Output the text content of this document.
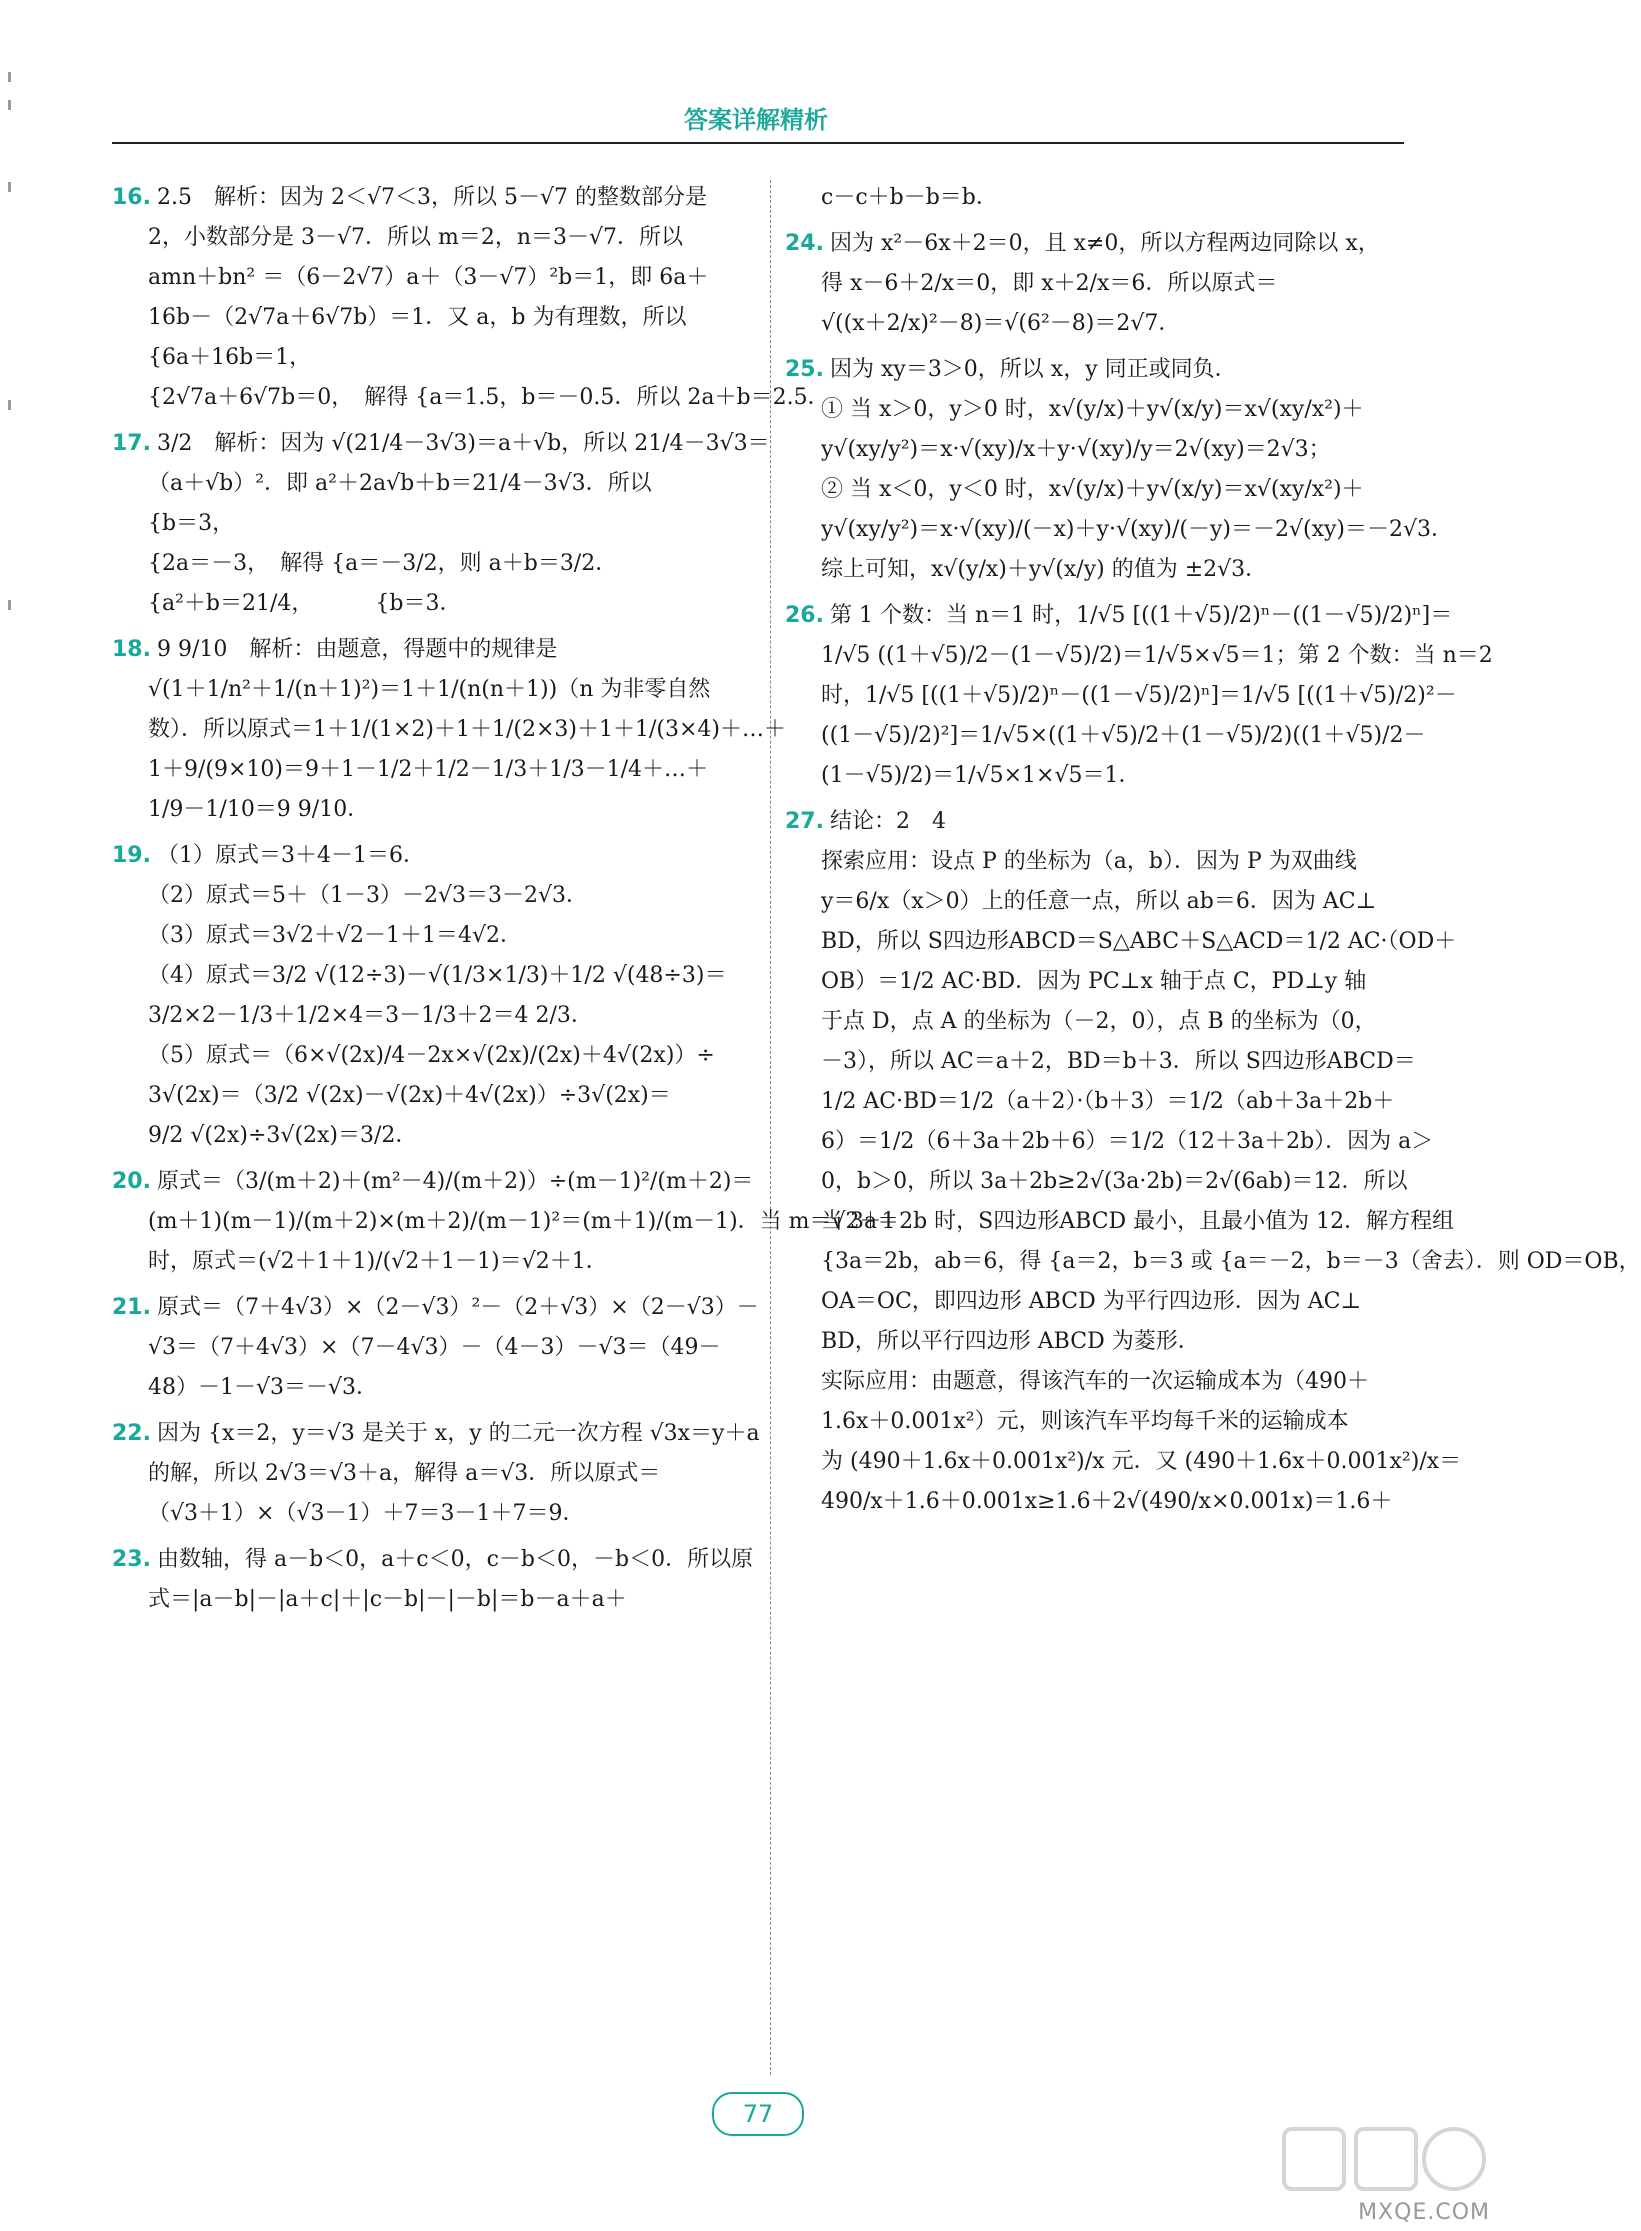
答案详解精析
16. 2.5　解析：因为 2＜√7＜3，所以 5－√7 的整数部分是
2，小数部分是 3－√7．所以 m＝2，n＝3－√7．所以
amn＋bn² ＝（6－2√7）a＋（3－√7）²b＝1，即 6a＋
16b－（2√7a＋6√7b）＝1．又 a，b 为有理数，所以
{6a＋16b＝1，
{2√7a＋6√7b＝0，　解得 {a＝1.5，b＝－0.5．所以 2a＋b＝2.5．
17. 3/2　解析：因为 √(21/4－3√3)＝a＋√b，所以 21/4－3√3＝
（a＋√b）²．即 a²＋2a√b＋b＝21/4－3√3．所以
{b＝3，
{2a＝－3，　解得 {a＝－3/2，则 a＋b＝3/2．
{a²＋b＝21/4，　　　 {b＝3．
18. 9 9/10　解析：由题意，得题中的规律是
√(1＋1/n²＋1/(n＋1)²)＝1＋1/(n(n＋1))（n 为非零自然
数）．所以原式＝1＋1/(1×2)＋1＋1/(2×3)＋1＋1/(3×4)＋…＋
1＋9/(9×10)＝9＋1－1/2＋1/2－1/3＋1/3－1/4＋…＋
1/9－1/10＝9 9/10．
19. （1）原式＝3＋4－1＝6．
（2）原式＝5＋（1－3）－2√3＝3－2√3．
（3）原式＝3√2＋√2－1＋1＝4√2．
（4）原式＝3/2 √(12÷3)－√(1/3×1/3)＋1/2 √(48÷3)＝
3/2×2－1/3＋1/2×4＝3－1/3＋2＝4 2/3．
（5）原式＝（6×√(2x)/4－2x×√(2x)/(2x)＋4√(2x)）÷
3√(2x)＝（3/2 √(2x)－√(2x)＋4√(2x)）÷3√(2x)＝
9/2 √(2x)÷3√(2x)＝3/2．
20. 原式＝（3/(m＋2)＋(m²－4)/(m＋2)）÷(m－1)²/(m＋2)＝
(m＋1)(m－1)/(m＋2)×(m＋2)/(m－1)²＝(m＋1)/(m－1)．当 m＝√2＋1
时，原式＝(√2＋1＋1)/(√2＋1－1)＝√2＋1．
21. 原式＝（7＋4√3）×（2－√3）²－（2＋√3）×（2－√3）－
√3＝（7＋4√3）×（7－4√3）－（4－3）－√3＝（49－
48）－1－√3＝－√3．
22. 因为 {x＝2，y＝√3 是关于 x，y 的二元一次方程 √3x＝y＋a
的解，所以 2√3＝√3＋a，解得 a＝√3．所以原式＝
（√3＋1）×（√3－1）＋7＝3－1＋7＝9．
23. 由数轴，得 a－b＜0，a＋c＜0，c－b＜0，－b＜0．所以原
式＝|a－b|－|a＋c|＋|c－b|－|－b|＝b－a＋a＋
c－c＋b－b＝b．
24. 因为 x²－6x＋2＝0，且 x≠0，所以方程两边同除以 x，
得 x－6＋2/x＝0，即 x＋2/x＝6．所以原式＝
√((x＋2/x)²－8)＝√(6²－8)＝2√7．
25. 因为 xy＝3＞0，所以 x，y 同正或同负．
① 当 x＞0，y＞0 时，x√(y/x)＋y√(x/y)＝x√(xy/x²)＋
y√(xy/y²)＝x·√(xy)/x＋y·√(xy)/y＝2√(xy)＝2√3；
② 当 x＜0，y＜0 时，x√(y/x)＋y√(x/y)＝x√(xy/x²)＋
y√(xy/y²)＝x·√(xy)/(－x)＋y·√(xy)/(－y)＝－2√(xy)＝－2√3．
综上可知，x√(y/x)＋y√(x/y) 的值为 ±2√3．
26. 第 1 个数：当 n＝1 时，1/√5 [((1＋√5)/2)ⁿ－((1－√5)/2)ⁿ]＝
1/√5 ((1＋√5)/2－(1－√5)/2)＝1/√5×√5＝1；第 2 个数：当 n＝2
时，1/√5 [((1＋√5)/2)ⁿ－((1－√5)/2)ⁿ]＝1/√5 [((1＋√5)/2)²－
((1－√5)/2)²]＝1/√5×((1＋√5)/2＋(1－√5)/2)((1＋√5)/2－
(1－√5)/2)＝1/√5×1×√5＝1．
27. 结论：2　4
探索应用：设点 P 的坐标为（a，b）．因为 P 为双曲线
y＝6/x（x＞0）上的任意一点，所以 ab＝6．因为 AC⊥
BD，所以 S四边形ABCD＝S△ABC＋S△ACD＝1/2 AC·（OD＋
OB）＝1/2 AC·BD．因为 PC⊥x 轴于点 C，PD⊥y 轴
于点 D，点 A 的坐标为（－2，0），点 B 的坐标为（0，
－3），所以 AC＝a＋2，BD＝b＋3．所以 S四边形ABCD＝
1/2 AC·BD＝1/2（a＋2）·（b＋3）＝1/2（ab＋3a＋2b＋
6）＝1/2（6＋3a＋2b＋6）＝1/2（12＋3a＋2b）．因为 a＞
0，b＞0，所以 3a＋2b≥2√(3a·2b)＝2√(6ab)＝12．所以
当 3a＝2b 时，S四边形ABCD 最小，且最小值为 12．解方程组
{3a＝2b，ab＝6，得 {a＝2，b＝3 或 {a＝－2，b＝－3（舍去）．则 OD＝OB，
OA＝OC，即四边形 ABCD 为平行四边形．因为 AC⊥
BD，所以平行四边形 ABCD 为菱形．
实际应用：由题意，得该汽车的一次运输成本为（490＋
1.6x＋0.001x²）元，则该汽车平均每千米的运输成本
为 (490＋1.6x＋0.001x²)/x 元．又 (490＋1.6x＋0.001x²)/x＝
490/x＋1.6＋0.001x≥1.6＋2√(490/x×0.001x)＝1.6＋
77
MXQE.COM
